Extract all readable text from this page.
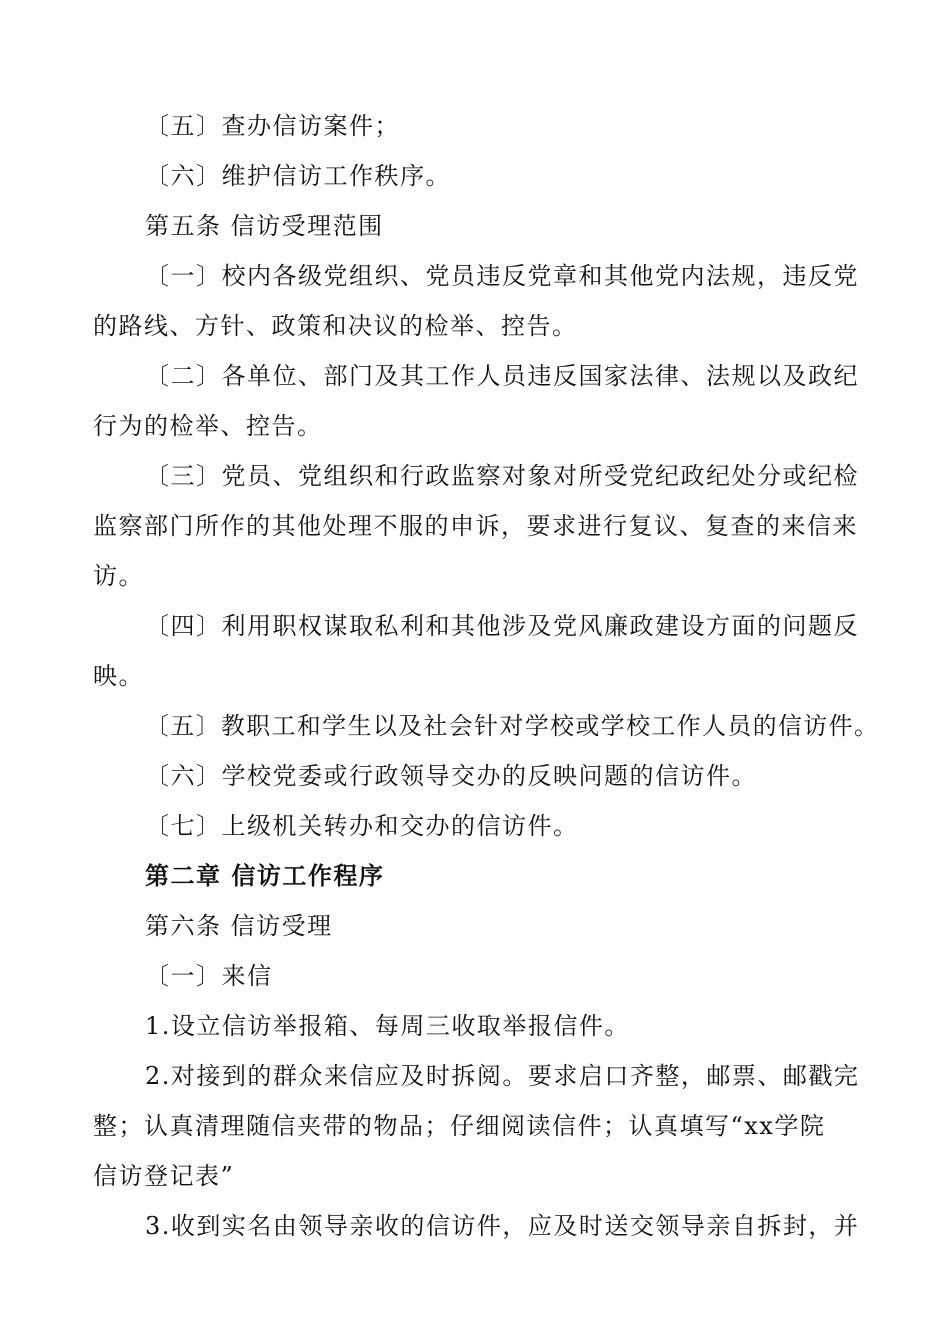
〔五〕查办信访案件；
〔六〕维护信访工作秩序。
第五条 信访受理范围
〔一〕校内各级党组织、党员违反党章和其他党内法规，违反党
的路线、方针、政策和决议的检举、控告。
〔二〕各单位、部门及其工作人员违反国家法律、法规以及政纪
行为的检举、控告。
〔三〕党员、党组织和行政监察对象对所受党纪政纪处分或纪检
监察部门所作的其他处理不服的申诉，要求进行复议、复查的来信来
访。
〔四〕利用职权谋取私利和其他涉及党风廉政建设方面的问题反
映。
〔五〕教职工和学生以及社会针对学校或学校工作人员的信访件。
〔六〕学校党委或行政领导交办的反映问题的信访件。
〔七〕上级机关转办和交办的信访件。
第二章 信访工作程序
第六条 信访受理
〔一〕来信
1.设立信访举报箱、每周三收取举报信件。
2.对接到的群众来信应及时拆阅。要求启口齐整，邮票、邮戳完
整；认真清理随信夹带的物品；仔细阅读信件；认真填写“xx学院
信访登记表”
3.收到实名由领导亲收的信访件，应及时送交领导亲自拆封，并
